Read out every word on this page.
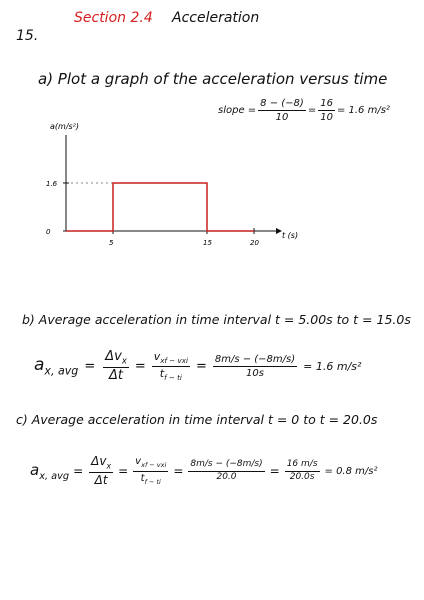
Section 2.4 Acceleration
15.
a) Plot a graph of the acceleration versus time
slope = $\frac{8 - (-8)}{10} = \frac{16}{10} = 1.6$ m/s²
a(m/s²)
t (s)
5	15	20
1.6
0
b) Average acceleration in time interval t = 5.00s to t = 15.0s
$a_{x, avg} = \frac{\Delta v_x}{\Delta t} = \frac{v_{xf - vxi}}{t_{f - ti}} = \frac{8m/s - (-8m/s)}{10s} = 1.6$ m/s²
c) Average acceleration in time interval t = 0 to t = 20.0s
$a_{x, avg} = \frac{\Delta v_x}{\Delta t} = \frac{v_{xf - vxi}}{t_{f - ti}} = \frac{8m/s - (-8m/s)}{20.0} = \frac{16 m/s}{20.0s} = 0.8$ m/s²
